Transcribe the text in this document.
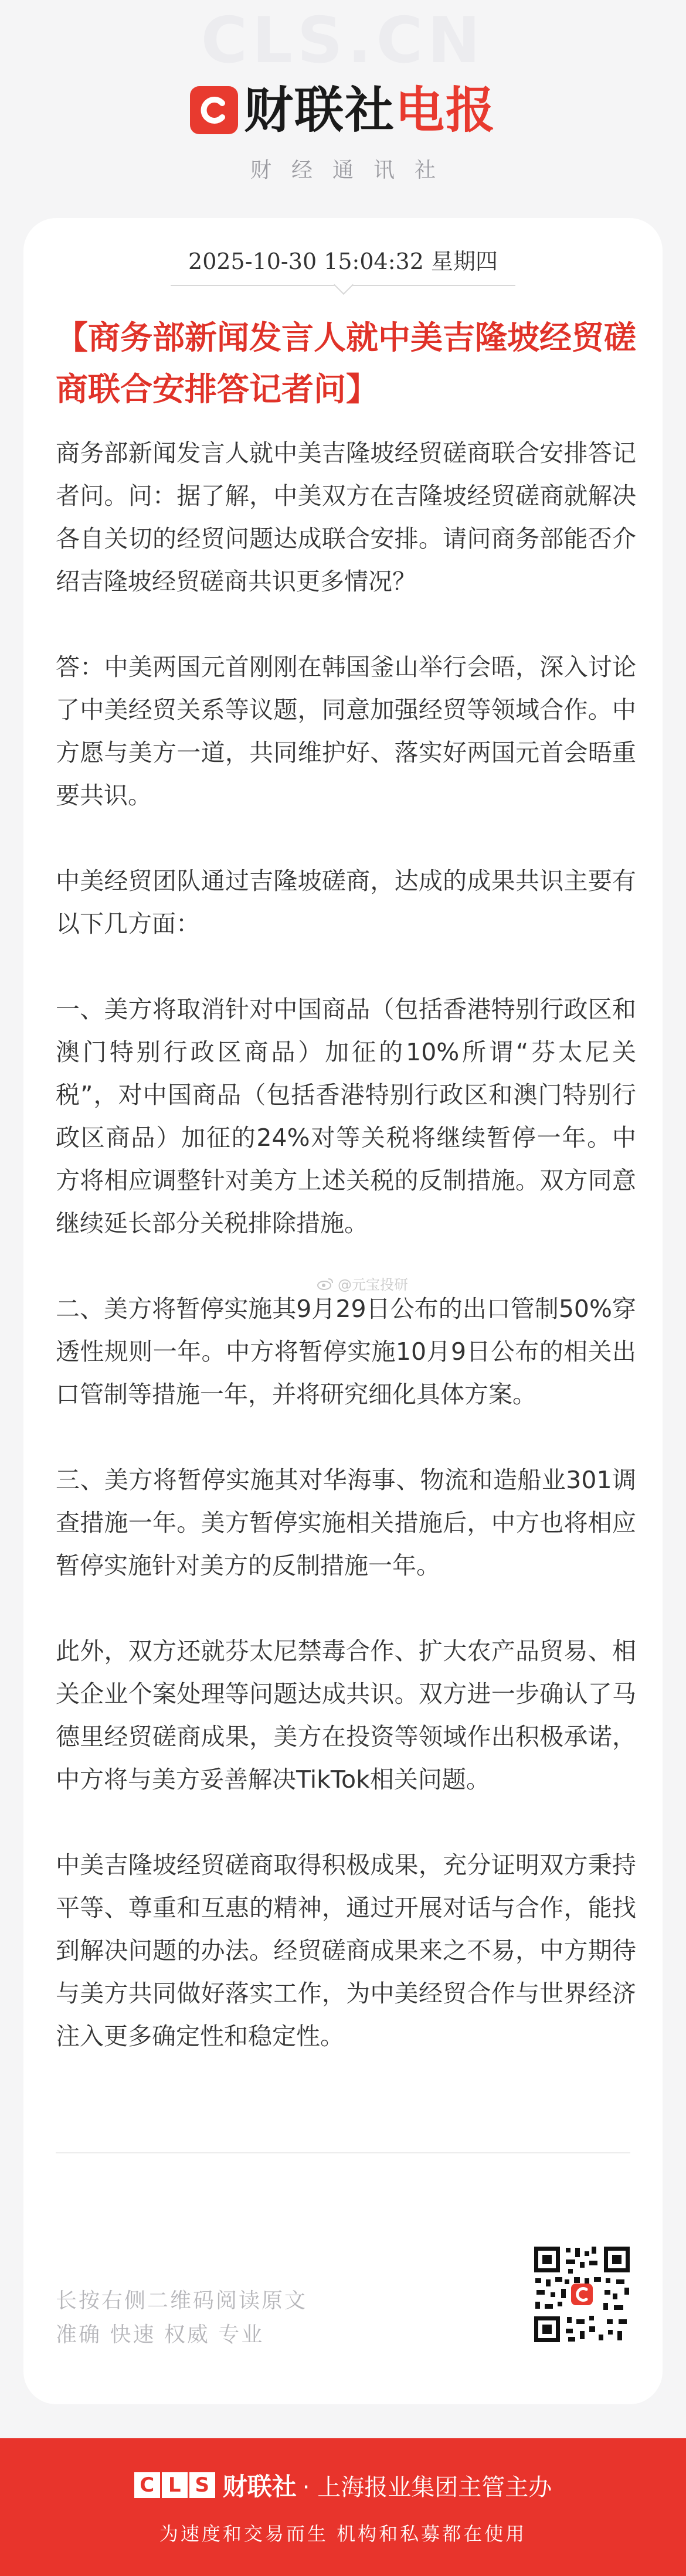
CLS.CN
财联社 电报
财经通讯社
2025-10-30 15:04:32 星期四
【商务部新闻发言人就中美吉隆坡经贸磋商联合安排答记者问】

商务部新闻发言人就中美吉隆坡经贸磋商联合安排答记者问。问：据了解，中美双方在吉隆坡经贸磋商就解决各自关切的经贸问题达成联合安排。请问商务部能否介绍吉隆坡经贸磋商共识更多情况？

答：中美两国元首刚刚在韩国釜山举行会晤，深入讨论了中美经贸关系等议题，同意加强经贸等领域合作。中方愿与美方一道，共同维护好、落实好两国元首会晤重要共识。

中美经贸团队通过吉隆坡磋商，达成的成果共识主要有以下几方面：

一、美方将取消针对中国商品（包括香港特别行政区和澳门特别行政区商品）加征的10%所谓“芬太尼关税”，对中国商品（包括香港特别行政区和澳门特别行政区商品）加征的24%对等关税将继续暂停一年。中方将相应调整针对美方上述关税的反制措施。双方同意继续延长部分关税排除措施。

二、美方将暂停实施其9月29日公布的出口管制50%穿透性规则一年。中方将暂停实施10月9日公布的相关出口管制等措施一年，并将研究细化具体方案。

三、美方将暂停实施其对华海事、物流和造船业301调查措施一年。美方暂停实施相关措施后，中方也将相应暂停实施针对美方的反制措施一年。

此外，双方还就芬太尼禁毒合作、扩大农产品贸易、相关企业个案处理等问题达成共识。双方进一步确认了马德里经贸磋商成果，美方在投资等领域作出积极承诺，中方将与美方妥善解决TikTok相关问题。

中美吉隆坡经贸磋商取得积极成果，充分证明双方秉持平等、尊重和互惠的精神，通过开展对话与合作，能找到解决问题的办法。经贸磋商成果来之不易，中方期待与美方共同做好落实工作，为中美经贸合作与世界经济注入更多确定性和稳定性。

@元宝投研
长按右侧二维码阅读原文
准确 快速 权威 专业
C L S 财联社 · 上海报业集团主管主办
为速度和交易而生 机构和私募都在使用
